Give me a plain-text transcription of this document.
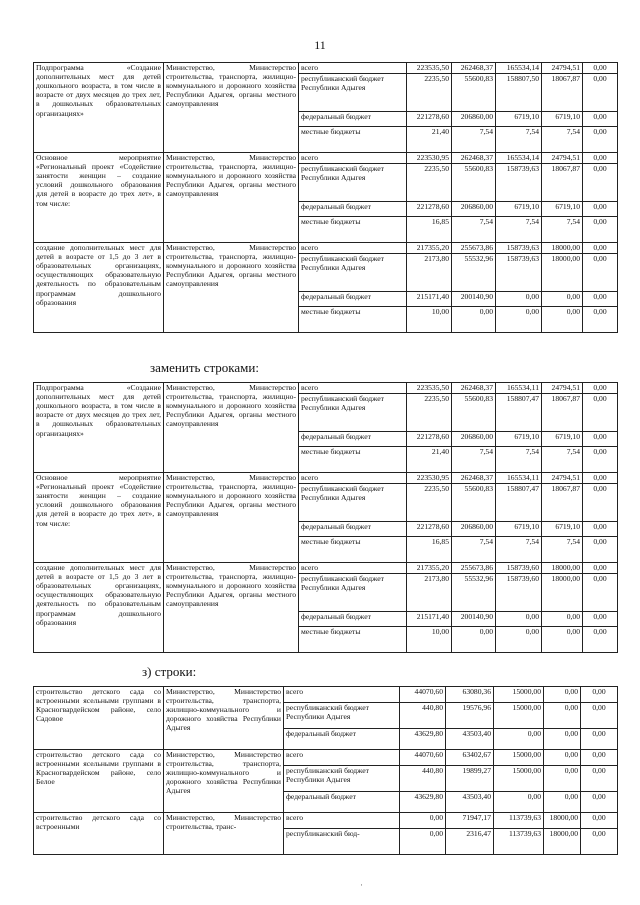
11
Подпрограмма «Создание дополнительных мест для детей дошкольного возраста, в том числе в возрасте от двух месяцев до трех лет, в дошкольных образовательных организациях»	Министерство, Министерство строительства, транспорта, жилищно-коммунального и дорожного хозяйства Республики Адыгея, органы местного самоуправления	всего	223535,50	262468,37	165534,14	24794,51	0,00
		республиканский бюджет Республики Адыгея	2235,50	55600,83	158807,50	18067,87	0,00
		федеральный бюджет	221278,60	206860,00	6719,10	6719,10	0,00
		местные бюджеты	21,40	7,54	7,54	7,54	0,00
Основное мероприятие «Региональный проект «Содействие занятости женщин – создание условий дошкольного образования для детей в возрасте до трех лет», в том числе:	Министерство, Министерство строительства, транспорта, жилищно-коммунального и дорожного хозяйства Республики Адыгея, органы местного самоуправления	всего	223530,95	262468,37	165534,14	24794,51	0,00
		республиканский бюджет Республики Адыгея	2235,50	55600,83	158739,63	18067,87	0,00
		федеральный бюджет	221278,60	206860,00	6719,10	6719,10	0,00
		местные бюджеты	16,85	7,54	7,54	7,54	0,00
создание дополнительных мест для детей в возрасте от 1,5 до 3 лет в образовательных организациях, осуществляющих образовательную деятельность по образовательным программам дошкольного образования	Министерство, Министерство строительства, транспорта, жилищно-коммунального и дорожного хозяйства Республики Адыгея, органы местного самоуправления	всего	217355,20	255673,86	158739,63	18000,00	0,00
		республиканский бюджет Республики Адыгея	2173,80	55532,96	158739,63	18000,00	0,00
		федеральный бюджет	215171,40	200140,90	0,00	0,00	0,00
		местные бюджеты	10,00	0,00	0,00	0,00	0,00
заменить строками:
Подпрограмма «Создание дополнительных мест для детей дошкольного возраста, в том числе в возрасте от двух месяцев до трех лет, в дошкольных образовательных организациях»	Министерство, Министерство строительства, транспорта, жилищно-коммунального и дорожного хозяйства Республики Адыгея, органы местного самоуправления	всего	223535,50	262468,37	165534,11	24794,51	0,00
		республиканский бюджет Республики Адыгея	2235,50	55600,83	158807,47	18067,87	0,00
		федеральный бюджет	221278,60	206860,00	6719,10	6719,10	0,00
		местные бюджеты	21,40	7,54	7,54	7,54	0,00
Основное мероприятие «Региональный проект «Содействие занятости женщин – создание условий дошкольного образования для детей в возрасте до трех лет», в том числе:	Министерство, Министерство строительства, транспорта, жилищно-коммунального и дорожного хозяйства Республики Адыгея, органы местного самоуправления	всего	223530,95	262468,37	165534,11	24794,51	0,00
		республиканский бюджет Республики Адыгея	2235,50	55600,83	158807,47	18067,87	0,00
		федеральный бюджет	221278,60	206860,00	6719,10	6719,10	0,00
		местные бюджеты	16,85	7,54	7,54	7,54	0,00
создание дополнительных мест для детей в возрасте от 1,5 до 3 лет в образовательных организациях, осуществляющих образовательную деятельность по образовательным программам дошкольного образования	Министерство, Министерство строительства, транспорта, жилищно-коммунального и дорожного хозяйства Республики Адыгея, органы местного самоуправления	всего	217355,20	255673,86	158739,60	18000,00	0,00
		республиканский бюджет Республики Адыгея	2173,80	55532,96	158739,60	18000,00	0,00
		федеральный бюджет	215171,40	200140,90	0,00	0,00	0,00
		местные бюджеты	10,00	0,00	0,00	0,00	0,00
з) строки:
строительство детского сада со встроенными ясельными группами в Красногвардейском районе, село Садовое	Министерство, Министерство строительства, транспорта, жилищно-коммунального и дорожного хозяйства Республики Адыгея	всего	44070,60	63080,36	15000,00	0,00	0,00
		республиканский бюджет Республики Адыгея	440,80	19576,96	15000,00	0,00	0,00
		федеральный бюджет	43629,80	43503,40	0,00	0,00	0,00
строительство детского сада со встроенными ясельными группами в Красногвардейском районе, село Белое	Министерство, Министерство строительства, транспорта, жилищно-коммунального и дорожного хозяйства Республики Адыгея	всего	44070,60	63402,67	15000,00	0,00	0,00
		республиканский бюджет Республики Адыгея	440,80	19899,27	15000,00	0,00	0,00
		федеральный бюджет	43629,80	43503,40	0,00	0,00	0,00
строительство детского сада со встроенными	Министерство, Министерство строительства, транс-	всего	0,00	71947,17	113739,63	18000,00	0,00
		республиканский бюд-	0,00	2316,47	113739,63	18000,00	0,00
·
